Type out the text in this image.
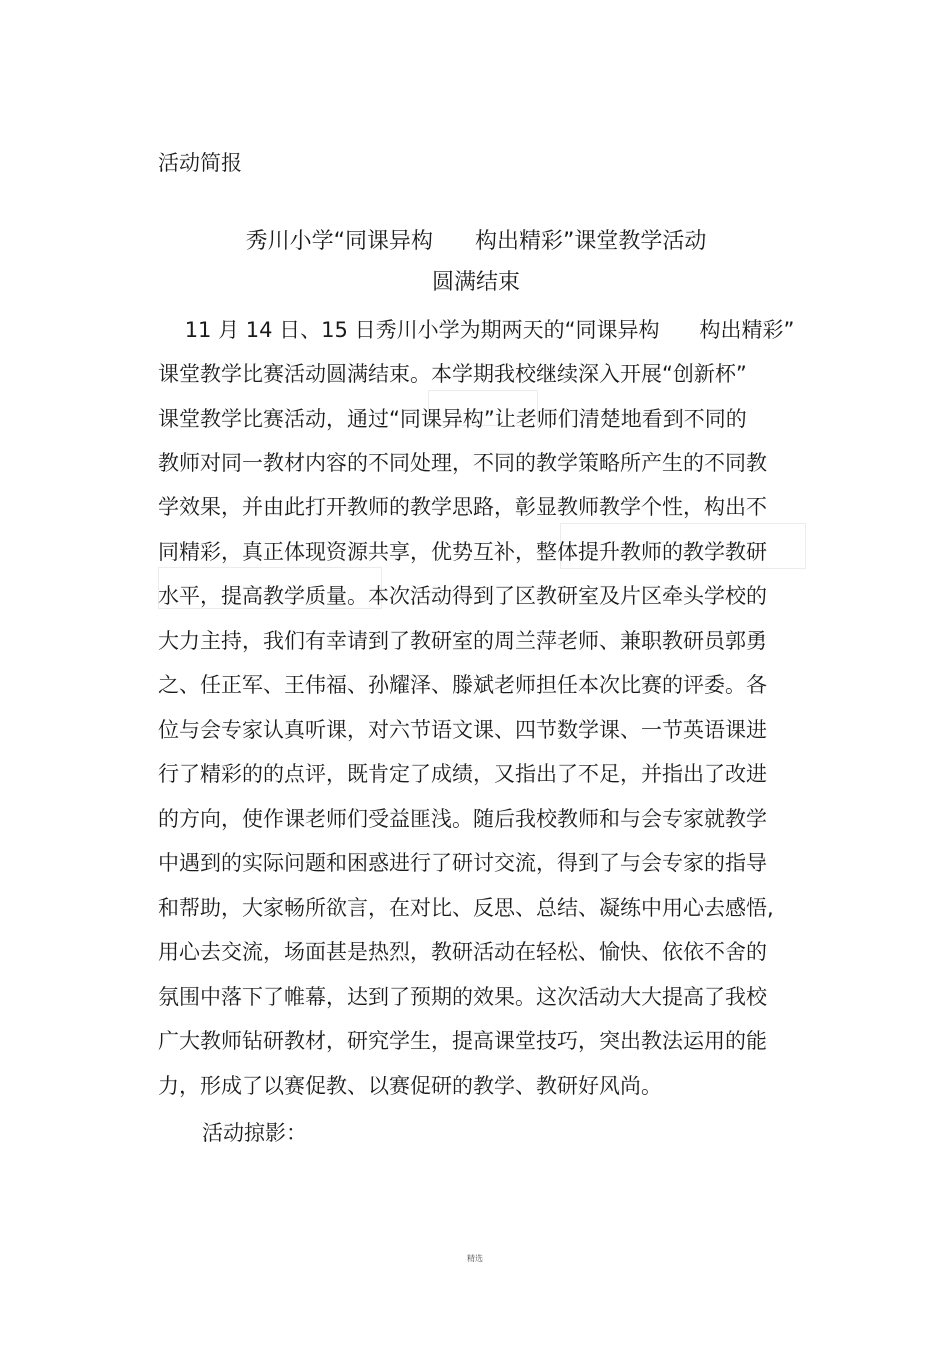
活动简报
秀川小学“同课异构      构出精彩”课堂教学活动
圆满结束
11 月 14 日、15 日秀川小学为期两天的“同课异构      构出精彩”
课堂教学比赛活动圆满结束。本学期我校继续深入开展“创新杯”
课堂教学比赛活动，通过“同课异构”让老师们清楚地看到不同的
教师对同一教材内容的不同处理，不同的教学策略所产生的不同教
学效果，并由此打开教师的教学思路，彰显教师教学个性，构出不
同精彩，真正体现资源共享，优势互补，整体提升教师的教学教研
水平，提高教学质量。本次活动得到了区教研室及片区牵头学校的
大力主持，我们有幸请到了教研室的周兰萍老师、兼职教研员郭勇
之、任正军、王伟福、孙耀泽、滕斌老师担任本次比赛的评委。各
位与会专家认真听课，对六节语文课、四节数学课、一节英语课进
行了精彩的的点评，既肯定了成绩，又指出了不足，并指出了改进
的方向，使作课老师们受益匪浅。随后我校教师和与会专家就教学
中遇到的实际问题和困惑进行了研讨交流，得到了与会专家的指导
和帮助，大家畅所欲言，在对比、反思、总结、凝练中用心去感悟,
用心去交流，场面甚是热烈，教研活动在轻松、愉快、依依不舍的
氛围中落下了帷幕，达到了预期的效果。这次活动大大提高了我校
广大教师钻研教材，研究学生，提高课堂技巧，突出教法运用的能
力，形成了以赛促教、以赛促研的教学、教研好风尚。
活动掠影：
精选
